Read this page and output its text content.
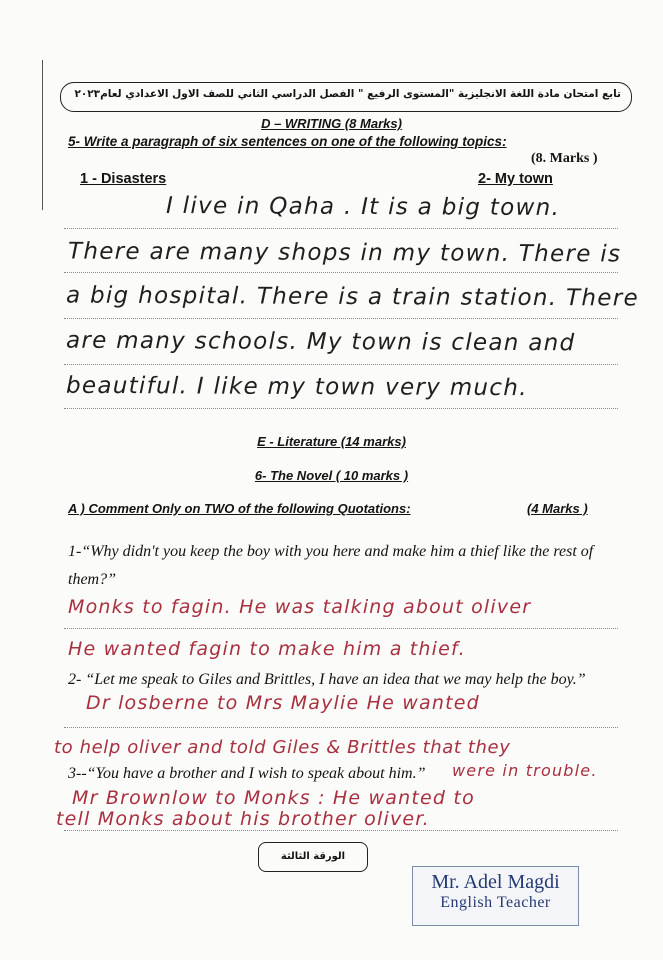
تابع امتحان مادة اللغة الانجليزية "المستوى الرفيع " الفصل الدراسي الثاني للصف الاول الاعدادي لعام٢٠٢٣
D – WRITING (8 Marks)
5- Write a paragraph of six sentences on one of the following topics:
(8. Marks )
1 - Disasters	2- My town
I live in Qaha . It is a big town.
There are many shops in my town. There is
a big hospital. There is a train station. There
are many schools. My town is clean and
beautiful. I like my town very much.
E - Literature (14 marks)
6- The Novel ( 10 marks )
A ) Comment Only on TWO of the following Quotations:	(4 Marks )
1-“Why didn't you keep the boy with you here and make him a thief like the rest of
them?”
Monks to fagin. He was talking about oliver
He wanted fagin to make him a thief.
2- “Let me speak to Giles and Brittles, I have an idea that we may help the boy.”
Dr losberne to Mrs Maylie He wanted
to help oliver and told Giles & Brittles that they
3--“You have a brother and I wish to speak about him.” were in trouble.
Mr Brownlow to Monks : He wanted to
tell Monks about his brother oliver.
الورقة الثالثة
Mr. Adel Magdi
English Teacher
